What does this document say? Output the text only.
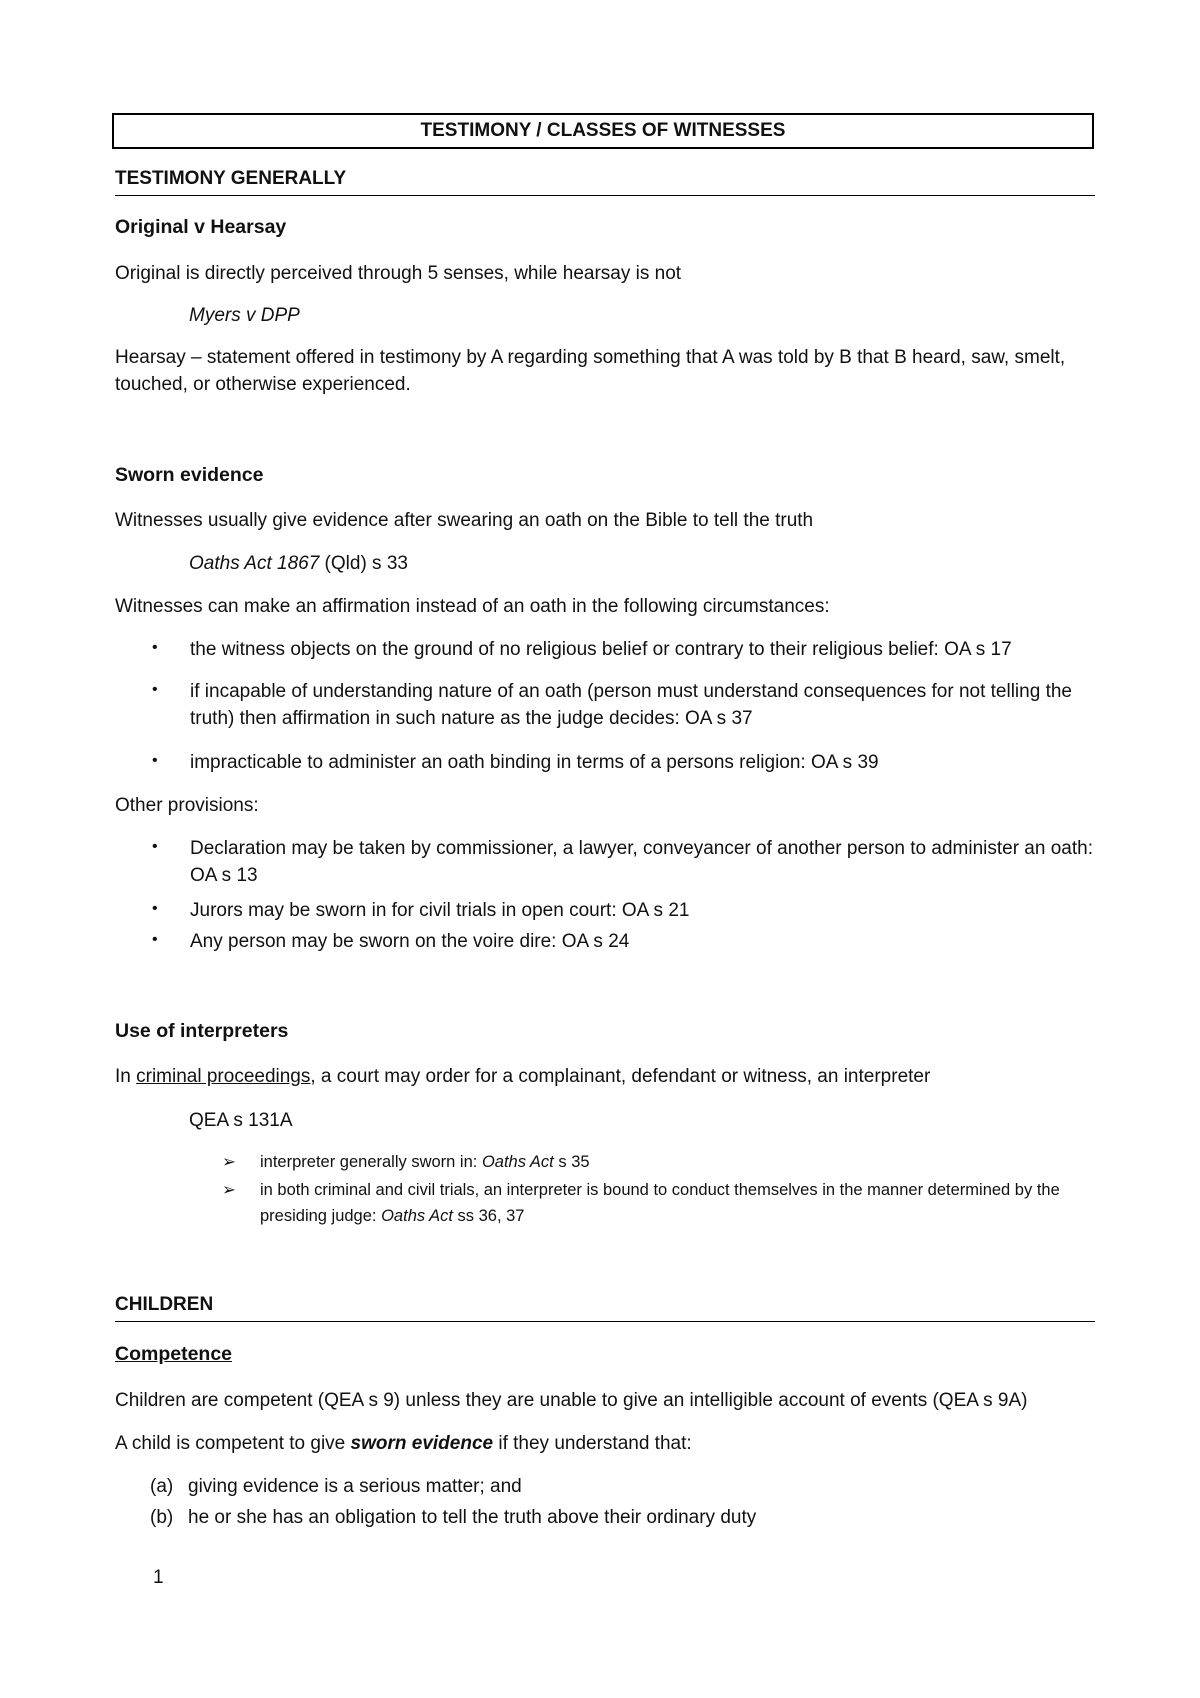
TESTIMONY / CLASSES OF WITNESSES
TESTIMONY GENERALLY
Original v Hearsay
Original is directly perceived through 5 senses, while hearsay is not
Myers v DPP
Hearsay – statement offered in testimony by A regarding something that A was told by B that B heard, saw, smelt, touched, or otherwise experienced.
Sworn evidence
Witnesses usually give evidence after swearing an oath on the Bible to tell the truth
Oaths Act 1867 (Qld) s 33
Witnesses can make an affirmation instead of an oath in the following circumstances:
•	the witness objects on the ground of no religious belief or contrary to their religious belief: OA s 17
•	if incapable of understanding nature of an oath (person must understand consequences for not telling the truth) then affirmation in such nature as the judge decides: OA s 37
•	impracticable to administer an oath binding in terms of a persons religion: OA s 39
Other provisions:
•	Declaration may be taken by commissioner, a lawyer, conveyancer of another person to administer an oath: OA s 13
•	Jurors may be sworn in for civil trials in open court: OA s 21
•	Any person may be sworn on the voire dire: OA s 24
Use of interpreters
In criminal proceedings, a court may order for a complainant, defendant or witness, an interpreter
QEA s 131A
➢	interpreter generally sworn in: Oaths Act s 35
➢	in both criminal and civil trials, an interpreter is bound to conduct themselves in the manner determined by the presiding judge: Oaths Act ss 36, 37
CHILDREN
Competence
Children are competent (QEA s 9) unless they are unable to give an intelligible account of events (QEA s 9A)
A child is competent to give sworn evidence if they understand that:
(a) giving evidence is a serious matter; and
(b) he or she has an obligation to tell the truth above their ordinary duty
1
